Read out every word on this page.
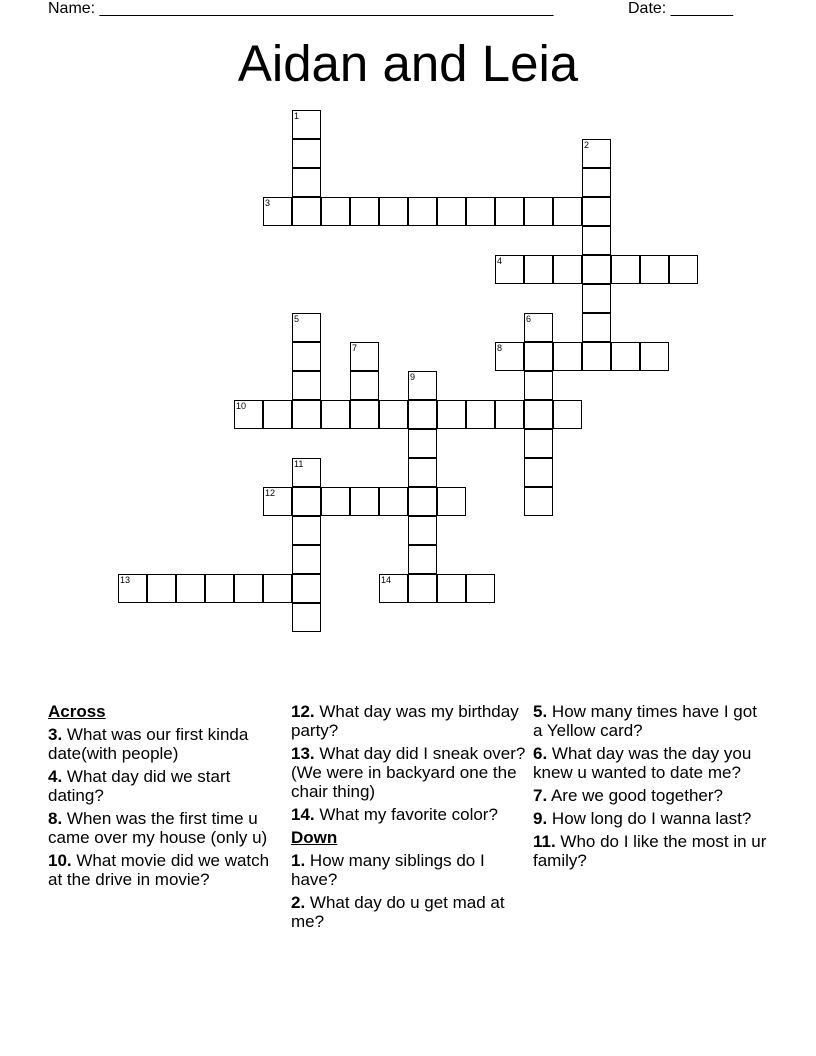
Name: ___________________________________________________	Date: _______
Aidan and Leia
1
2
3
4
5	6
7	8
9
10
11
12
13	14
Across
3. What was our first kinda date(with people)
4. What day did we start dating?
8. When was the first time u came over my house (only u)
10. What movie did we watch at the drive in movie?
12. What day was my birthday party?
13. What day did I sneak over?(We were in backyard one the chair thing)
14. What my favorite color?
Down
1. How many siblings do I have?
2. What day do u get mad at me?
5. How many times have I got a Yellow card?
6. What day was the day you knew u wanted to date me?
7. Are we good together?
9. How long do I wanna last?
11. Who do I like the most in ur family?
